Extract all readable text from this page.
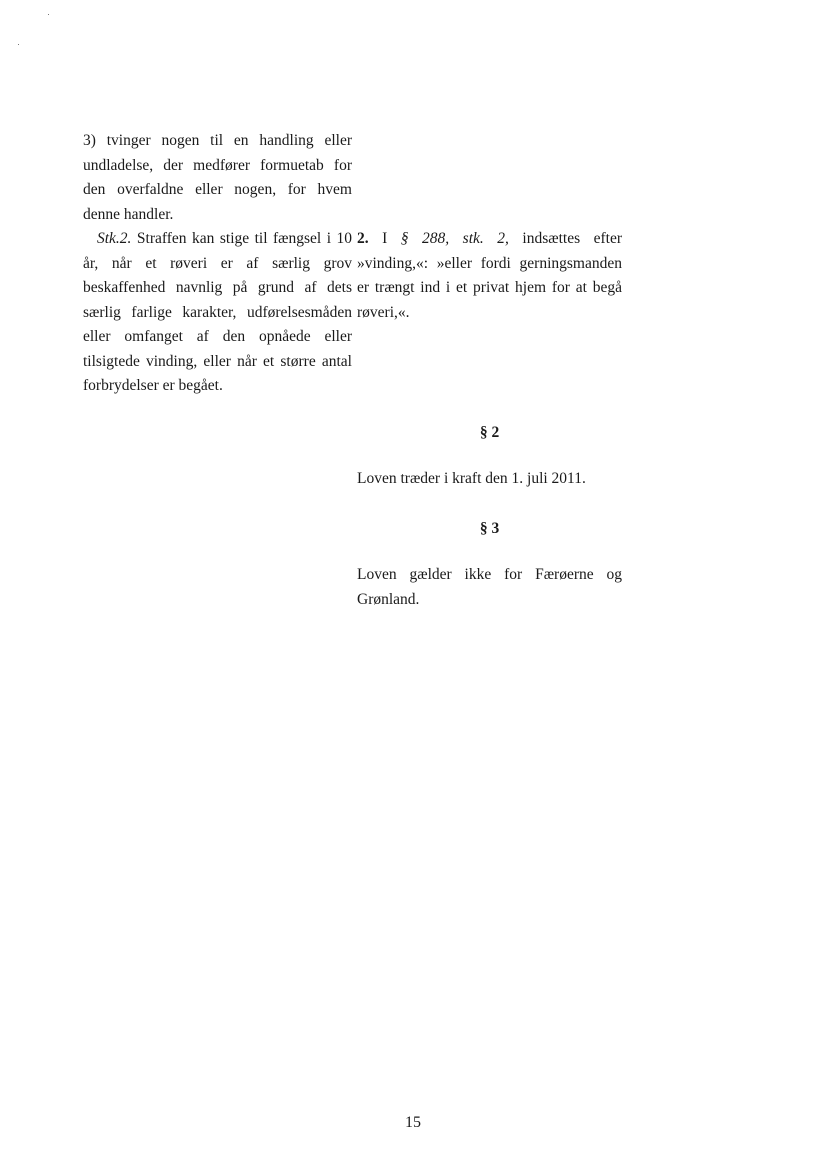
3) tvinger nogen til en handling eller undladelse, der medfører formuetab for den overfaldne eller nogen, for hvem denne handler.

Stk.2. Straffen kan stige til fængsel i 10 år, når et røveri er af særlig grov beskaffenhed navnlig på grund af dets særlig farlige karakter, udførelsesmåden eller omfanget af den opnåede eller tilsigtede vinding, eller når et større antal forbrydelser er begået.

2. I § 288, stk. 2, indsættes efter »vinding,«: »eller fordi gerningsmanden er trængt ind i et privat hjem for at begå røveri,«.

§ 2
Loven træder i kraft den 1. juli 2011.
§ 3
Loven gælder ikke for Færøerne og Grønland.
15
